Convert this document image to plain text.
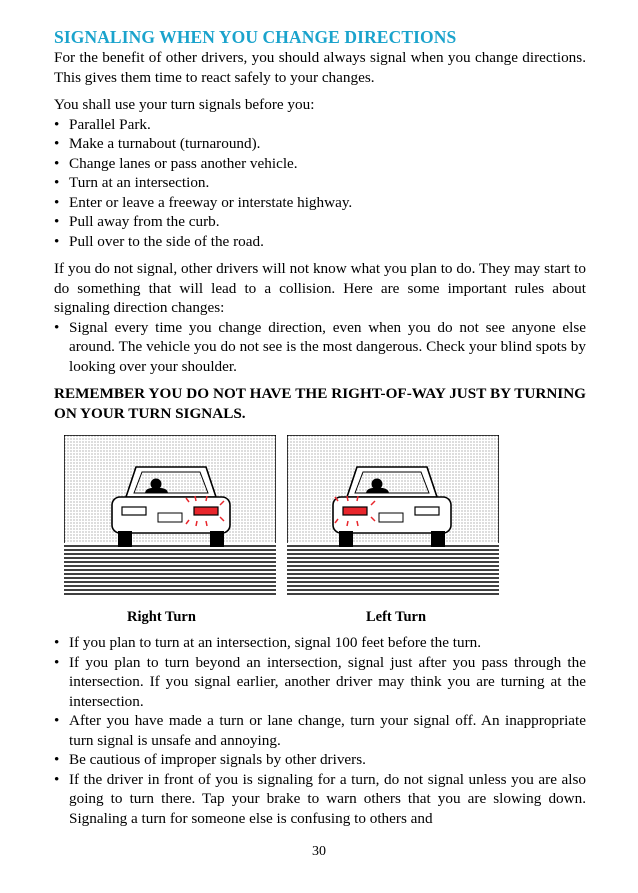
SIGNALING WHEN YOU CHANGE DIRECTIONS

For the benefit of other drivers, you should always signal when you change directions. This gives them time to react safely to your changes.

You shall use your turn signals before you:

• Parallel Park.
• Make a turnabout (turnaround).
• Change lanes or pass another vehicle.
• Turn at an intersection.
• Enter or leave a freeway or interstate highway.
• Pull away from the curb.
• Pull over to the side of the road.

If you do not signal, other drivers will not know what you plan to do. They may start to do something that will lead to a collision. Here are some important rules about signaling direction changes:

• Signal every time you change direction, even when you do not see anyone else around. The vehicle you do not see is the most dangerous. Check your blind spots by looking over your shoulder.
REMEMBER YOU DO NOT HAVE THE RIGHT-OF-WAY JUST BY TURNING ON YOUR TURN SIGNALS.
Right Turn	Left Turn
• If you plan to turn at an intersection, signal 100 feet before the turn.
• If you plan to turn beyond an intersection, signal just after you pass through the intersection. If you signal earlier, another driver may think you are turning at the intersection.
• After you have made a turn or lane change, turn your signal off. An inappropriate turn signal is unsafe and annoying.
• Be cautious of improper signals by other drivers.
• If the driver in front of you is signaling for a turn, do not signal unless you are also going to turn there. Tap your brake to warn others that you are slowing down. Signaling a turn for someone else is confusing to others and
30
